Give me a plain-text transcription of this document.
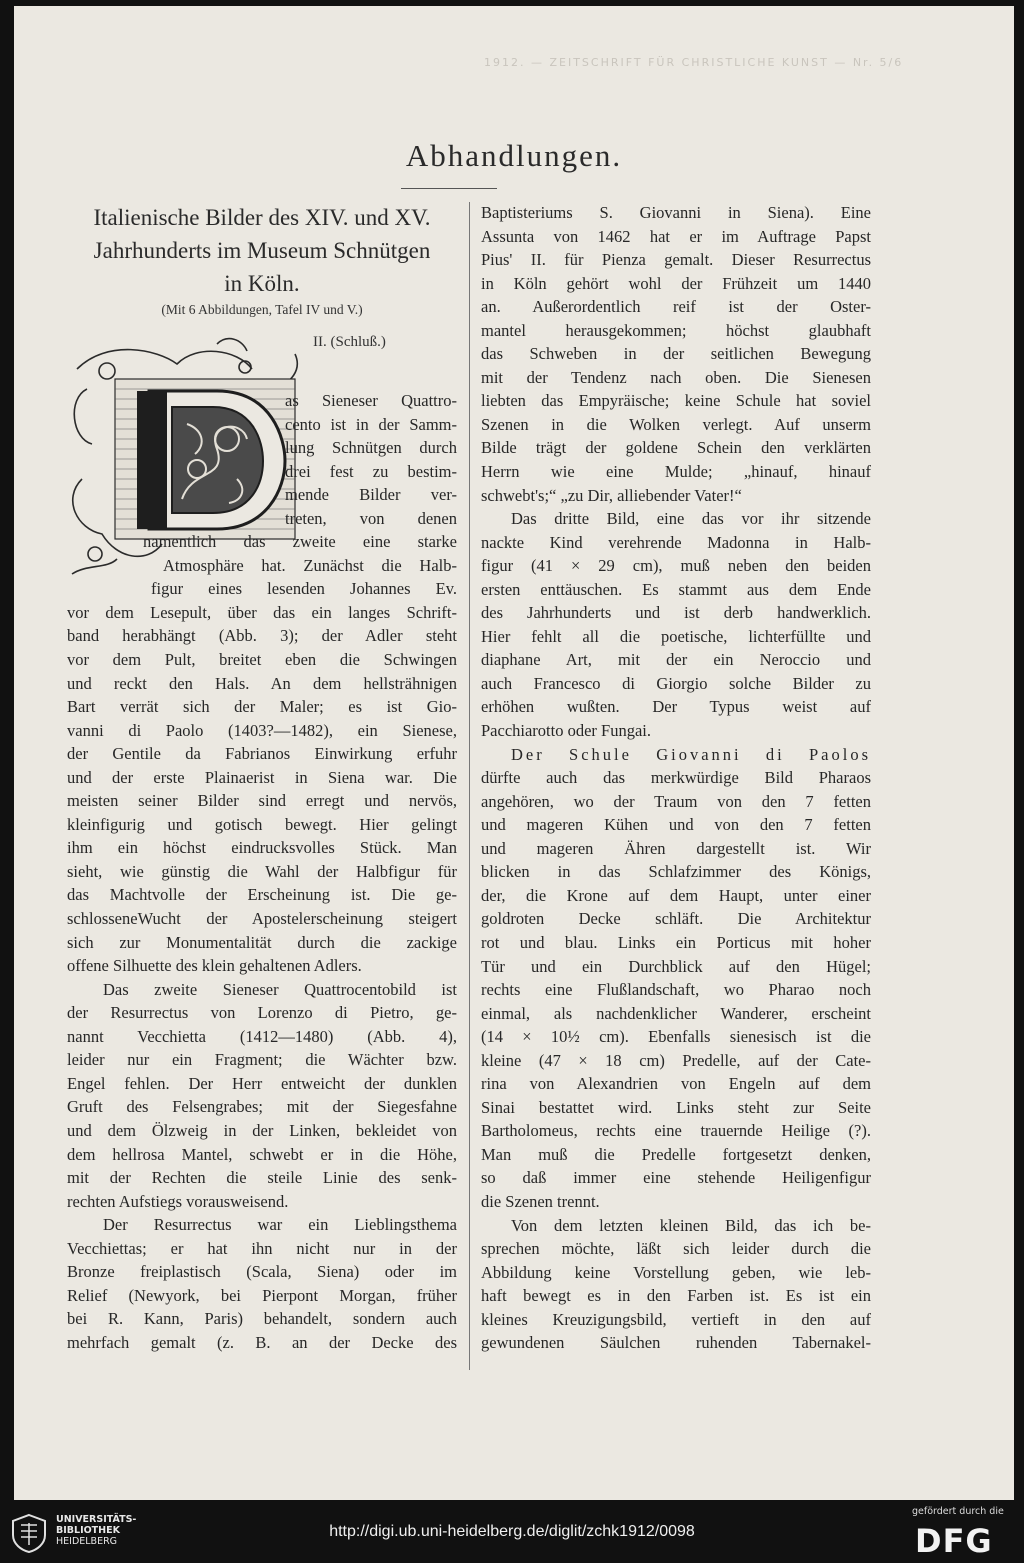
1912. — ZEITSCHRIFT FÜR CHRISTLICHE KUNST — Nr. 5/6
Abhandlungen.
Italienische Bilder des XIV. und XV.
Jahrhunderts im Museum Schnütgen
in Köln.
(Mit 6 Abbildungen, Tafel IV und V.)
II. (Schluß.)
as Sieneser Quattro-
cento ist in der Samm-
lung Schnütgen durch
drei fest zu bestim-
mende Bilder ver-
treten, von denen
namentlich das zweite eine starke
Atmosphäre hat. Zunächst die Halb-
figur eines lesenden Johannes Ev.
vor dem Lesepult, über das ein langes Schrift-
band herabhängt (Abb. 3); der Adler steht
vor dem Pult, breitet eben die Schwingen
und reckt den Hals. An dem hellsträhnigen
Bart verrät sich der Maler; es ist Gio-
vanni di Paolo (1403?—1482), ein Sienese,
der Gentile da Fabrianos Einwirkung erfuhr
und der erste Plainaerist in Siena war. Die
meisten seiner Bilder sind erregt und nervös,
kleinfigurig und gotisch bewegt. Hier gelingt
ihm ein höchst eindrucksvolles Stück. Man
sieht, wie günstig die Wahl der Halbfigur für
das Machtvolle der Erscheinung ist. Die ge-
schlosseneWucht der Apostelerscheinung steigert
sich zur Monumentalität durch die zackige
offene Silhuette des klein gehaltenen Adlers.
Das zweite Sieneser Quattrocentobild ist
der Resurrectus von Lorenzo di Pietro, ge-
nannt Vecchietta (1412—1480) (Abb. 4),
leider nur ein Fragment; die Wächter bzw.
Engel fehlen. Der Herr entweicht der dunklen
Gruft des Felsengrabes; mit der Siegesfahne
und dem Ölzweig in der Linken, bekleidet von
dem hellrosa Mantel, schwebt er in die Höhe,
mit der Rechten die steile Linie des senk-
rechten Aufstiegs vorausweisend.
Der Resurrectus war ein Lieblingsthema
Vecchiettas; er hat ihn nicht nur in der
Bronze freiplastisch (Scala, Siena) oder im
Relief (Newyork, bei Pierpont Morgan, früher
bei R. Kann, Paris) behandelt, sondern auch
mehrfach gemalt (z. B. an der Decke des
Baptisteriums S. Giovanni in Siena). Eine
Assunta von 1462 hat er im Auftrage Papst
Pius' II. für Pienza gemalt. Dieser Resurrectus
in Köln gehört wohl der Frühzeit um 1440
an. Außerordentlich reif ist der Oster-
mantel herausgekommen; höchst glaubhaft
das Schweben in der seitlichen Bewegung
mit der Tendenz nach oben. Die Sienesen
liebten das Empyräische; keine Schule hat soviel
Szenen in die Wolken verlegt. Auf unserm
Bilde trägt der goldene Schein den verklärten
Herrn wie eine Mulde; „hinauf, hinauf
schwebt's;“ „zu Dir, alliebender Vater!“
Das dritte Bild, eine das vor ihr sitzende
nackte Kind verehrende Madonna in Halb-
figur (41 × 29 cm), muß neben den beiden
ersten enttäuschen. Es stammt aus dem Ende
des Jahrhunderts und ist derb handwerklich.
Hier fehlt all die poetische, lichterfüllte und
diaphane Art, mit der ein Neroccio und
auch Francesco di Giorgio solche Bilder zu
erhöhen wußten. Der Typus weist auf
Pacchiarotto oder Fungai.
Der Schule Giovanni di Paolos
dürfte auch das merkwürdige Bild Pharaos
angehören, wo der Traum von den 7 fetten
und mageren Kühen und von den 7 fetten
und mageren Ähren dargestellt ist. Wir
blicken in das Schlafzimmer des Königs,
der, die Krone auf dem Haupt, unter einer
goldroten Decke schläft. Die Architektur
rot und blau. Links ein Porticus mit hoher
Tür und ein Durchblick auf den Hügel;
rechts eine Flußlandschaft, wo Pharao noch
einmal, als nachdenklicher Wanderer, erscheint
(14 × 10½ cm). Ebenfalls sienesisch ist die
kleine (47 × 18 cm) Predelle, auf der Cate-
rina von Alexandrien von Engeln auf dem
Sinai bestattet wird. Links steht zur Seite
Bartholomeus, rechts eine trauernde Heilige (?).
Man muß die Predelle fortgesetzt denken,
so daß immer eine stehende Heiligenfigur
die Szenen trennt.
Von dem letzten kleinen Bild, das ich be-
sprechen möchte, läßt sich leider durch die
Abbildung keine Vorstellung geben, wie leb-
haft bewegt es in den Farben ist. Es ist ein
kleines Kreuzigungsbild, vertieft in den auf
gewundenen Säulchen ruhenden Tabernakel-
UNIVERSITÄTS-
BIBLIOTHEK
HEIDELBERG
http://digi.ub.uni-heidelberg.de/diglit/zchk1912/0098
gefördert durch die
DFG
